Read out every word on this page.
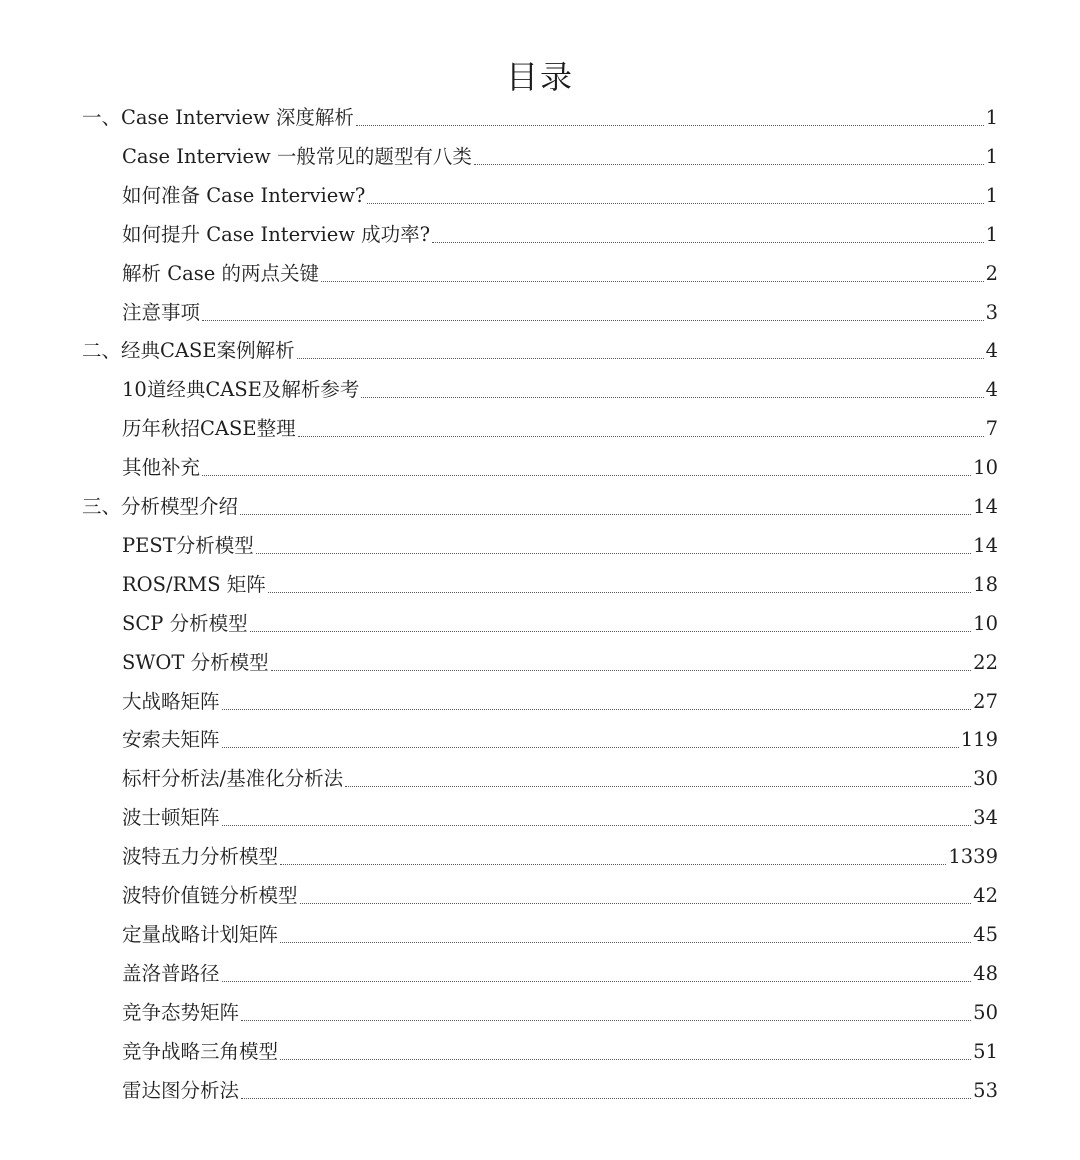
目录
一、Case Interview 深度解析	1
Case Interview 一般常见的题型有八类	1
如何准备 Case Interview?	1
如何提升 Case Interview 成功率?	1
解析 Case 的两点关键	2
注意事项	3
二、经典CASE案例解析	4
10道经典CASE及解析参考	4
历年秋招CASE整理	7
其他补充	10
三、分析模型介绍	14
PEST分析模型	14
ROS/RMS 矩阵	18
SCP 分析模型	10
SWOT 分析模型	22
大战略矩阵	27
安索夫矩阵	119
标杆分析法/基准化分析法	30
波士顿矩阵	34
波特五力分析模型	1339
波特价值链分析模型	42
定量战略计划矩阵	45
盖洛普路径	48
竞争态势矩阵	50
竞争战略三角模型	51
雷达图分析法	53
